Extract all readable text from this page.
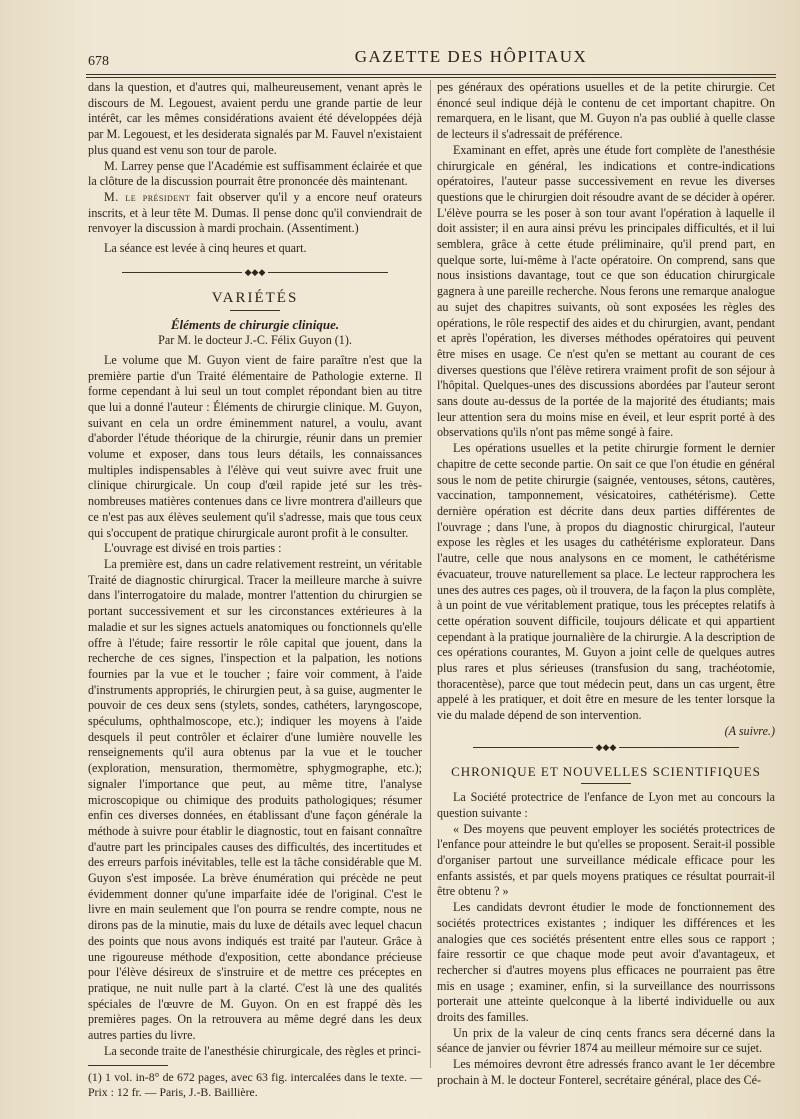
678	GAZETTE DES HÔPITAUX

dans la question, et d'autres qui, malheureusement, venant après le discours de M. Legouest, avaient perdu une grande partie de leur intérêt, car les mêmes considérations avaient été développées déjà par M. Legouest, et les desiderata signalés par M. Fauvel n'existaient plus quand est venu son tour de parole.

M. Larrey pense que l'Académie est suffisamment éclairée et que la clôture de la discussion pourrait être prononcée dès maintenant.

M. le président fait observer qu'il y a encore neuf orateurs inscrits, et à leur tête M. Dumas. Il pense donc qu'il conviendrait de renvoyer la discussion à mardi prochain. (Assentiment.)

La séance est levée à cinq heures et quart.

◆◆◆

VARIÉTÉS

Éléments de chirurgie clinique.

Par M. le docteur J.-C. Félix Guyon (1).

Le volume que M. Guyon vient de faire paraître n'est que la première partie d'un Traité élémentaire de Pathologie externe. Il forme cependant à lui seul un tout complet répondant bien au titre que lui a donné l'auteur : Éléments de chirurgie clinique. M. Guyon, suivant en cela un ordre éminemment naturel, a voulu, avant d'aborder l'étude théorique de la chirurgie, réunir dans un premier volume et exposer, dans tous leurs détails, les connaissances multiples indispensables à l'élève qui veut suivre avec fruit une clinique chirurgicale. Un coup d'œil rapide jeté sur les très-nombreuses matières contenues dans ce livre montrera d'ailleurs que ce n'est pas aux élèves seulement qu'il s'adresse, mais que tous ceux qui s'occupent de pratique chirurgicale auront profit à le consulter.

L'ouvrage est divisé en trois parties :

La première est, dans un cadre relativement restreint, un véritable Traité de diagnostic chirurgical. Tracer la meilleure marche à suivre dans l'interrogatoire du malade, montrer l'attention du chirurgien se portant successivement et sur les circonstances extérieures à la maladie et sur les signes actuels anatomiques ou fonctionnels qu'elle offre à l'étude; faire ressortir le rôle capital que jouent, dans la recherche de ces signes, l'inspection et la palpation, les notions fournies par la vue et le toucher ; faire voir comment, à l'aide d'instruments appropriés, le chirurgien peut, à sa guise, augmenter le pouvoir de ces deux sens (stylets, sondes, cathéters, laryngoscope, spéculums, ophthalmoscope, etc.); indiquer les moyens à l'aide desquels il peut contrôler et éclairer d'une lumière nouvelle les renseignements qu'il aura obtenus par la vue et le toucher (exploration, mensuration, thermomètre, sphygmographe, etc.); signaler l'importance que peut, au même titre, l'analyse microscopique ou chimique des produits pathologiques; résumer enfin ces diverses données, en établissant d'une façon générale la méthode à suivre pour établir le diagnostic, tout en faisant connaître d'autre part les principales causes des difficultés, des incertitudes et des erreurs parfois inévitables, telle est la tâche considérable que M. Guyon s'est imposée. La brève énumération qui précède ne peut évidemment donner qu'une imparfaite idée de l'original. C'est le livre en main seulement que l'on pourra se rendre compte, nous ne dirons pas de la minutie, mais du luxe de détails avec lequel chacun des points que nous avons indiqués est traité par l'auteur. Grâce à une rigoureuse méthode d'exposition, cette abondance précieuse pour l'élève désireux de s'instruire et de mettre ces préceptes en pratique, ne nuit nulle part à la clarté. C'est là une des qualités spéciales de l'œuvre de M. Guyon. On en est frappé dès les premières pages. On la retrouvera au même degré dans les deux autres parties du livre.

La seconde traite de l'anesthésie chirurgicale, des règles et princi-

(1) 1 vol. in-8° de 672 pages, avec 63 fig. intercalées dans le texte. — Prix : 12 fr. — Paris, J.-B. Baillière.

pes généraux des opérations usuelles et de la petite chirurgie. Cet énoncé seul indique déjà le contenu de cet important chapitre. On remarquera, en le lisant, que M. Guyon n'a pas oublié à quelle classe de lecteurs il s'adressait de préférence.

Examinant en effet, après une étude fort complète de l'anesthésie chirurgicale en général, les indications et contre-indications opératoires, l'auteur passe successivement en revue les diverses questions que le chirurgien doit résoudre avant de se décider à opérer. L'élève pourra se les poser à son tour avant l'opération à laquelle il doit assister; il en aura ainsi prévu les principales difficultés, et il lui semblera, grâce à cette étude préliminaire, qu'il prend part, en quelque sorte, lui-même à l'acte opératoire. On comprend, sans que nous insistions davantage, tout ce que son éducation chirurgicale gagnera à une pareille recherche. Nous ferons une remarque analogue au sujet des chapitres suivants, où sont exposées les règles des opérations, le rôle respectif des aides et du chirurgien, avant, pendant et après l'opération, les diverses méthodes opératoires qui peuvent être mises en usage. Ce n'est qu'en se mettant au courant de ces diverses questions que l'élève retirera vraiment profit de son séjour à l'hôpital. Quelques-unes des discussions abordées par l'auteur seront sans doute au-dessus de la portée de la majorité des étudiants; mais leur attention sera du moins mise en éveil, et leur esprit porté à des observations qu'ils n'ont pas même songé à faire.

Les opérations usuelles et la petite chirurgie forment le dernier chapitre de cette seconde partie. On sait ce que l'on étudie en général sous le nom de petite chirurgie (saignée, ventouses, sétons, cautères, vaccination, tamponnement, vésicatoires, cathétérisme). Cette dernière opération est décrite dans deux parties différentes de l'ouvrage ; dans l'une, à propos du diagnostic chirurgical, l'auteur expose les règles et les usages du cathétérisme explorateur. Dans l'autre, celle que nous analysons en ce moment, le cathétérisme évacuateur, trouve naturellement sa place. Le lecteur rapprochera les unes des autres ces pages, où il trouvera, de la façon la plus complète, à un point de vue véritablement pratique, tous les préceptes relatifs à cette opération souvent difficile, toujours délicate et qui appartient cependant à la pratique journalière de la chirurgie. A la description de ces opérations courantes, M. Guyon a joint celle de quelques autres plus rares et plus sérieuses (transfusion du sang, trachéotomie, thoracentèse), parce que tout médecin peut, dans un cas urgent, être appelé à les pratiquer, et doit être en mesure de les tenter lorsque la vie du malade dépend de son intervention.

(A suivre.)

◆◆◆

CHRONIQUE ET NOUVELLES SCIENTIFIQUES

La Société protectrice de l'enfance de Lyon met au concours la question suivante :

« Des moyens que peuvent employer les sociétés protectrices de l'enfance pour atteindre le but qu'elles se proposent. Serait-il possible d'organiser partout une surveillance médicale efficace pour les enfants assistés, et par quels moyens pratiques ce résultat pourrait-il être obtenu ? »

Les candidats devront étudier le mode de fonctionnement des sociétés protectrices existantes ; indiquer les différences et les analogies que ces sociétés présentent entre elles sous ce rapport ; faire ressortir ce que chaque mode peut avoir d'avantageux, et rechercher si d'autres moyens plus efficaces ne pourraient pas être mis en usage ; examiner, enfin, si la surveillance des nourrissons porterait une atteinte quelconque à la liberté individuelle ou aux droits des familles.

Un prix de la valeur de cinq cents francs sera décerné dans la séance de janvier ou février 1874 au meilleur mémoire sur ce sujet.

Les mémoires devront être adressés franco avant le 1er décembre prochain à M. le docteur Fonterel, secrétaire général, place des Cé-
